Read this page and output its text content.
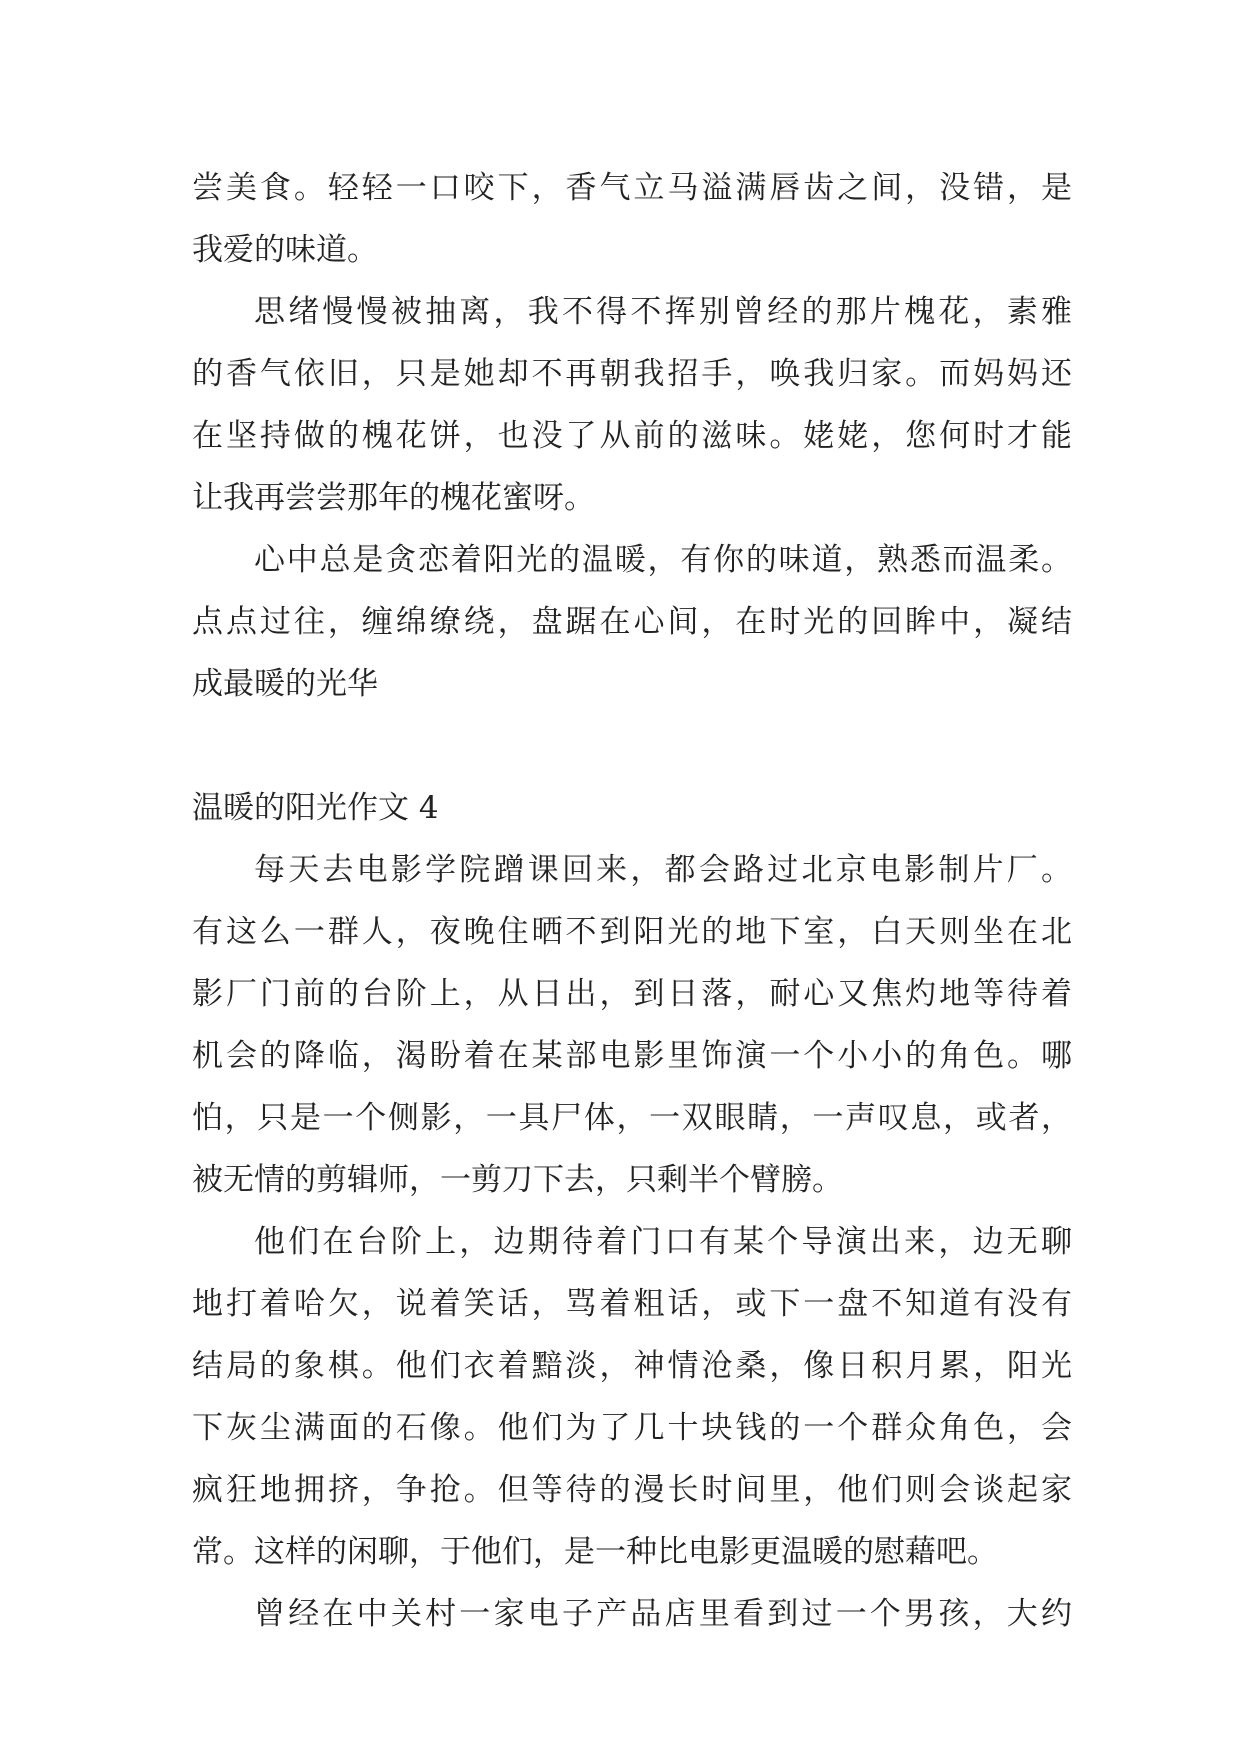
尝美食。轻轻一口咬下，香气立马溢满唇齿之间，没错，是
我爱的味道。
思绪慢慢被抽离，我不得不挥别曾经的那片槐花，素雅
的香气依旧，只是她却不再朝我招手，唤我归家。而妈妈还
在坚持做的槐花饼，也没了从前的滋味。姥姥，您何时才能
让我再尝尝那年的槐花蜜呀。
心中总是贪恋着阳光的温暖，有你的味道，熟悉而温柔。
点点过往，缠绵缭绕，盘踞在心间，在时光的回眸中，凝结
成最暖的光华
温暖的阳光作文 4
每天去电影学院蹭课回来，都会路过北京电影制片厂。
有这么一群人，夜晚住晒不到阳光的地下室，白天则坐在北
影厂门前的台阶上，从日出，到日落，耐心又焦灼地等待着
机会的降临，渴盼着在某部电影里饰演一个小小的角色。哪
怕，只是一个侧影，一具尸体，一双眼睛，一声叹息，或者，
被无情的剪辑师，一剪刀下去，只剩半个臂膀。
他们在台阶上，边期待着门口有某个导演出来，边无聊
地打着哈欠，说着笑话，骂着粗话，或下一盘不知道有没有
结局的象棋。他们衣着黯淡，神情沧桑，像日积月累，阳光
下灰尘满面的石像。他们为了几十块钱的一个群众角色，会
疯狂地拥挤，争抢。但等待的漫长时间里，他们则会谈起家
常。这样的闲聊，于他们，是一种比电影更温暖的慰藉吧。
曾经在中关村一家电子产品店里看到过一个男孩，大约
